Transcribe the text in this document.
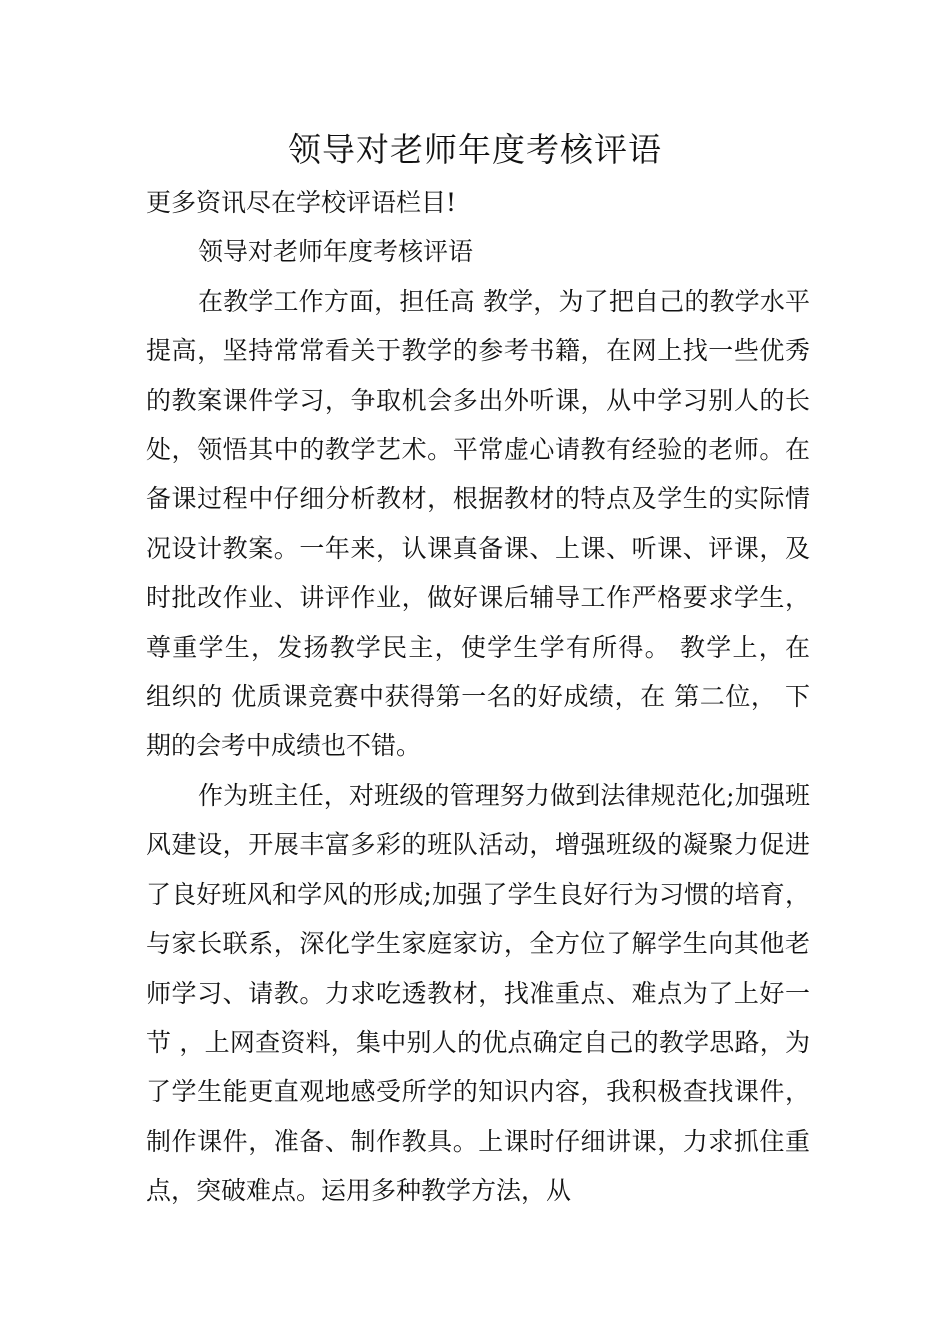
领导对老师年度考核评语

更多资讯尽在学校评语栏目!

领导对老师年度考核评语

在教学工作方面，担任高 教学，为了把自己的教学水平提高，坚持常常看关于教学的参考书籍，在网上找一些优秀的教案课件学习，争取机会多出外听课，从中学习别人的长处，领悟其中的教学艺术。平常虚心请教有经验的老师。在备课过程中仔细分析教材，根据教材的特点及学生的实际情况设计教案。一年来，认课真备课、上课、听课、评课，及时批改作业、讲评作业，做好课后辅导工作严格要求学生，尊重学生，发扬教学民主，使学生学有所得。 教学上，在 组织的 优质课竞赛中获得第一名的好成绩，在 第二位， 下期的会考中成绩也不错。

作为班主任，对班级的管理努力做到法律规范化;加强班风建设，开展丰富多彩的班队活动，增强班级的凝聚力促进了良好班风和学风的形成;加强了学生良好行为习惯的培育，与家长联系，深化学生家庭家访，全方位了解学生向其他老师学习、请教。力求吃透教材，找准重点、难点为了上好一节 ，上网查资料，集中别人的优点确定自己的教学思路，为了学生能更直观地感受所学的知识内容，我积极查找课件，制作课件，准备、制作教具。上课时仔细讲课，力求抓住重点，突破难点。运用多种教学方法，从
